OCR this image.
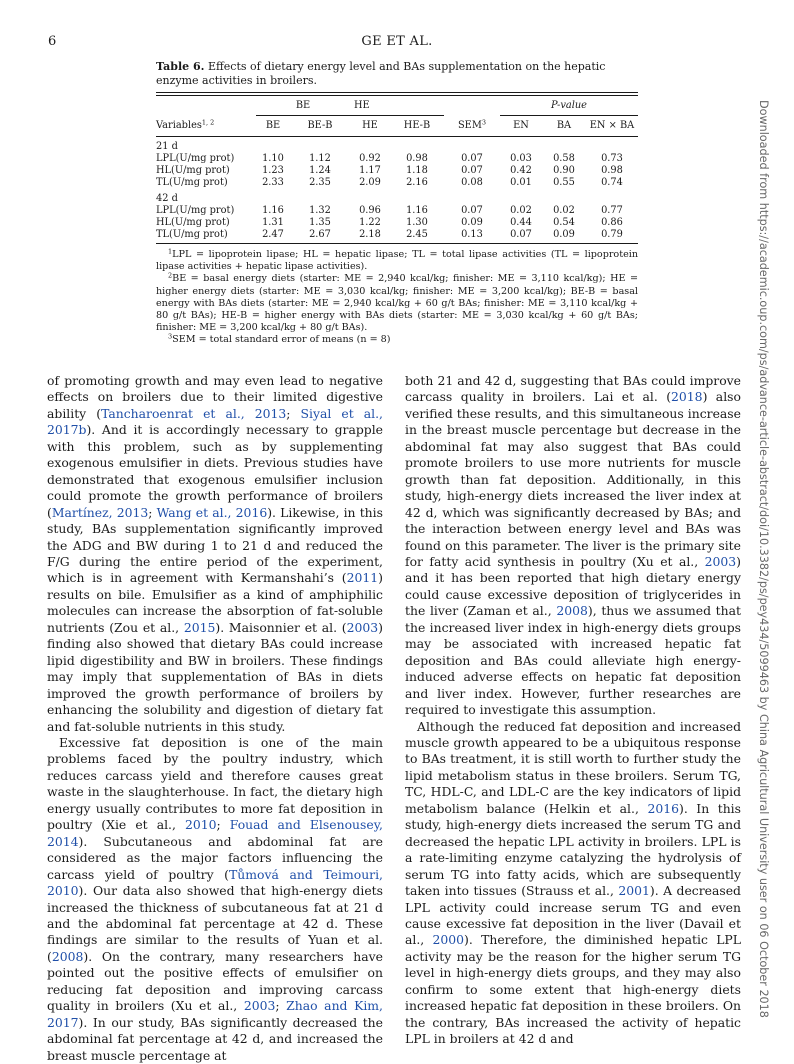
6	GE ET AL.
Table 6. Effects of dietary energy level and BAs supplementation on the hepatic enzyme activities in broilers.
	BE		HE			P-value		
Variables$^{1, 2}$	BE	BE-B	HE	HE-B	SEM$^3$	EN	BA	EN × BA
21 d								
LPL(U/mg prot)	1.10	1.12	0.92	0.98	0.07	0.03	0.58	0.73
HL(U/mg prot)	1.23	1.24	1.17	1.18	0.07	0.42	0.90	0.98
TL(U/mg prot)	2.33	2.35	2.09	2.16	0.08	0.01	0.55	0.74

42 d								
LPL(U/mg prot)	1.16	1.32	0.96	1.16	0.07	0.02	0.02	0.77
HL(U/mg prot)	1.31	1.35	1.22	1.30	0.09	0.44	0.54	0.86
TL(U/mg prot)	2.47	2.67	2.18	2.45	0.13	0.07	0.09	0.79

$^1$LPL = lipoprotein lipase; HL = hepatic lipase; TL = total lipase activities (TL = lipoprotein lipase activities + hepatic lipase activities).

$^2$BE = basal energy diets (starter: ME = 2,940 kcal/kg; finisher: ME = 3,110 kcal/kg); HE = higher energy diets (starter: ME = 3,030 kcal/kg; finisher: ME = 3,200 kcal/kg); BE-B = basal energy with BAs diets (starter: ME = 2,940 kcal/kg + 60 g/t BAs; finisher: ME = 3,110 kcal/kg + 80 g/t BAs); HE-B = higher energy with BAs diets (starter: ME = 3,030 kcal/kg + 60 g/t BAs; finisher: ME = 3,200 kcal/kg + 80 g/t BAs).

$^3$SEM = total standard error of means (n = 8)

of promoting growth and may even lead to negative effects on broilers due to their limited digestive ability (Tancharoenrat et al., 2013; Siyal et al., 2017b). And it is accordingly necessary to grapple with this problem, such as by supplementing exogenous emulsifier in diets. Previous studies have demonstrated that exogenous emulsifier inclusion could promote the growth performance of broilers (Martínez, 2013; Wang et al., 2016). Likewise, in this study, BAs supplementation significantly improved the ADG and BW during 1 to 21 d and reduced the F/G during the entire period of the experiment, which is in agreement with Kermanshahi’s (2011) results on bile. Emulsifier as a kind of amphiphilic molecules can increase the absorption of fat-soluble nutrients (Zou et al., 2015). Maisonnier et al. (2003) finding also showed that dietary BAs could increase lipid digestibility and BW in broilers. These findings may imply that supplementation of BAs in diets improved the growth performance of broilers by enhancing the solubility and digestion of dietary fat and fat-soluble nutrients in this study.

Excessive fat deposition is one of the main problems faced by the poultry industry, which reduces carcass yield and therefore causes great waste in the slaughterhouse. In fact, the dietary high energy usually contributes to more fat deposition in poultry (Xie et al., 2010; Fouad and Elsenousey, 2014). Subcutaneous and abdominal fat are considered as the major factors influencing the carcass yield of poultry (Tůmová and Teimouri, 2010). Our data also showed that high-energy diets increased the thickness of subcutaneous fat at 21 d and the abdominal fat percentage at 42 d. These findings are similar to the results of Yuan et al. (2008). On the contrary, many researchers have pointed out the positive effects of emulsifier on reducing fat deposition and improving carcass quality in broilers (Xu et al., 2003; Zhao and Kim, 2017). In our study, BAs significantly decreased the abdominal fat percentage at 42 d, and increased the breast muscle percentage at

both 21 and 42 d, suggesting that BAs could improve carcass quality in broilers. Lai et al. (2018) also verified these results, and this simultaneous increase in the breast muscle percentage but decrease in the abdominal fat may also suggest that BAs could promote broilers to use more nutrients for muscle growth than fat deposition. Additionally, in this study, high-energy diets increased the liver index at 42 d, which was significantly decreased by BAs; and the interaction between energy level and BAs was found on this parameter. The liver is the primary site for fatty acid synthesis in poultry (Xu et al., 2003) and it has been reported that high dietary energy could cause excessive deposition of triglycerides in the liver (Zaman et al., 2008), thus we assumed that the increased liver index in high-energy diets groups may be associated with increased hepatic fat deposition and BAs could alleviate high energy-induced adverse effects on hepatic fat deposition and liver index. However, further researches are required to investigate this assumption.

Although the reduced fat deposition and increased muscle growth appeared to be a ubiquitous response to BAs treatment, it is still worth to further study the lipid metabolism status in these broilers. Serum TG, TC, HDL-C, and LDL-C are the key indicators of lipid metabolism balance (Helkin et al., 2016). In this study, high-energy diets increased the serum TG and decreased the hepatic LPL activity in broilers. LPL is a rate-limiting enzyme catalyzing the hydrolysis of serum TG into fatty acids, which are subsequently taken into tissues (Strauss et al., 2001). A decreased LPL activity could increase serum TG and even cause excessive fat deposition in the liver (Davail et al., 2000). Therefore, the diminished hepatic LPL activity may be the reason for the higher serum TG level in high-energy diets groups, and they may also confirm to some extent that high-energy diets increased hepatic fat deposition in these broilers. On the contrary, BAs increased the activity of hepatic LPL in broilers at 42 d and

Downloaded from https://academic.oup.com/ps/advance-article-abstract/doi/10.3382/ps/pey434/5099463 by China Agricultural University user on 06 October 2018
